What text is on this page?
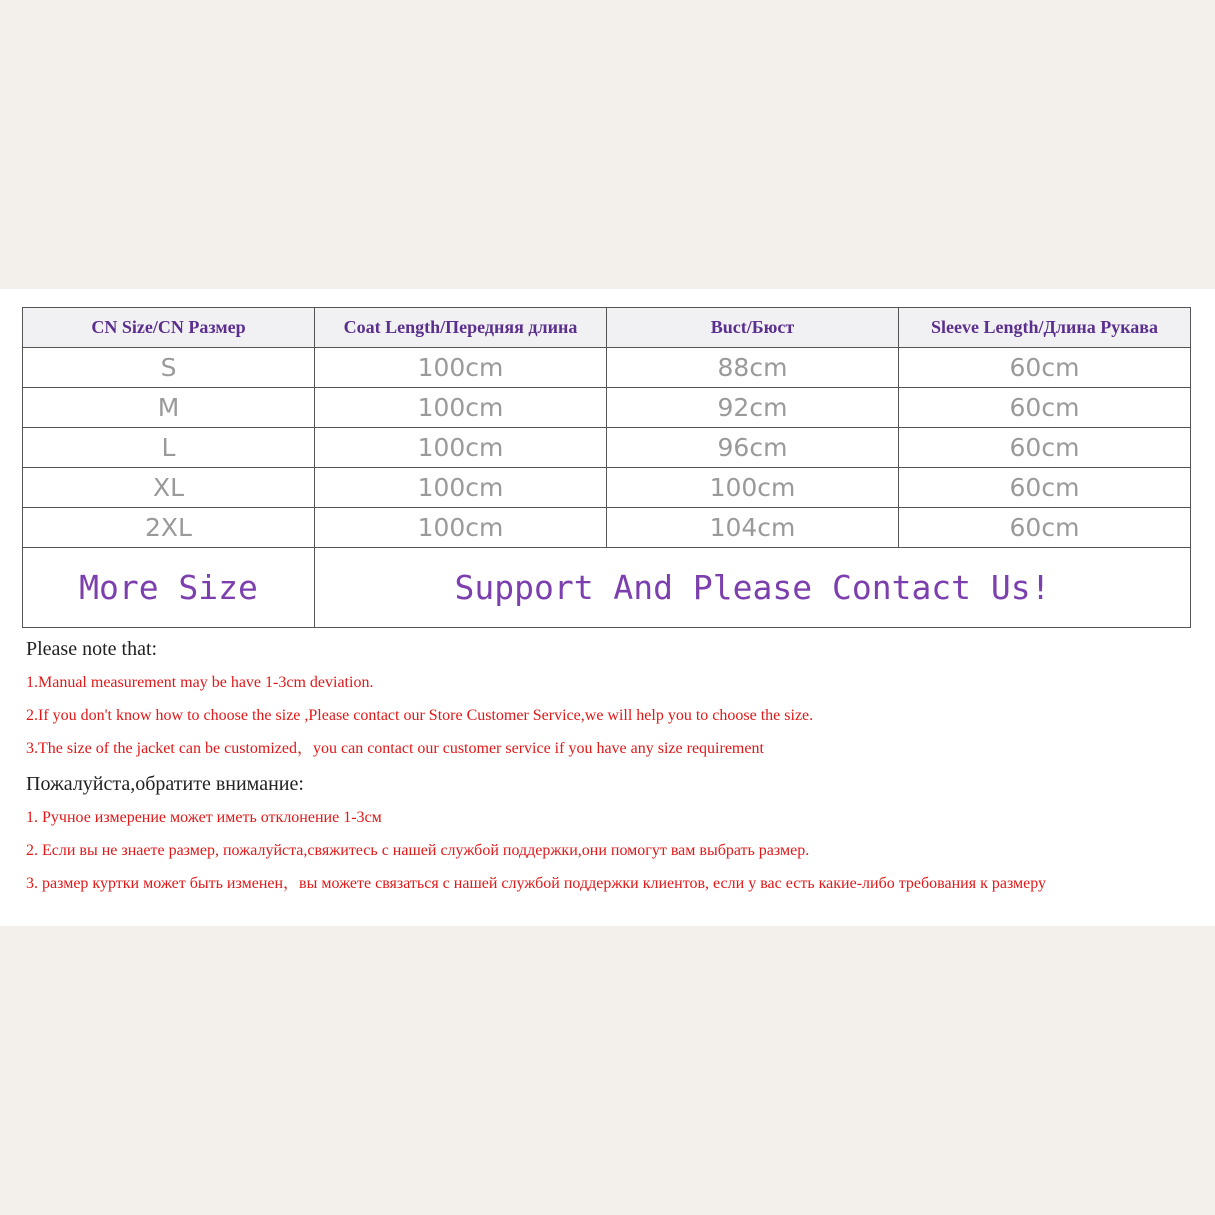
CN Size/CN Размер	Coat Length/Передняя длина	Buct/Бюст	Sleeve Length/Длина Рукава
S	100cm	88cm	60cm
M	100cm	92cm	60cm
L	100cm	96cm	60cm
XL	100cm	100cm	60cm
2XL	100cm	104cm	60cm
More Size	Support And Please Contact Us!		
Please note that:
1.Manual measurement may be have 1-3cm deviation.
2.If you don't know how to choose the size ,Please contact our Store Customer Service,we will help you to choose the size.
3.The size of the jacket can be customized，you can contact our customer service if you have any size requirement
Пожалуйста,обратите внимание:
1. Ручное измерение может иметь отклонение 1-3см
2. Если вы не знаете размер, пожалуйста,свяжитесь с нашей службой поддержки,они помогут вам выбрать размер.
3. размер куртки может быть изменен，вы можете связаться с нашей службой поддержки клиентов, если у вас есть какие-либо требования к размеру
